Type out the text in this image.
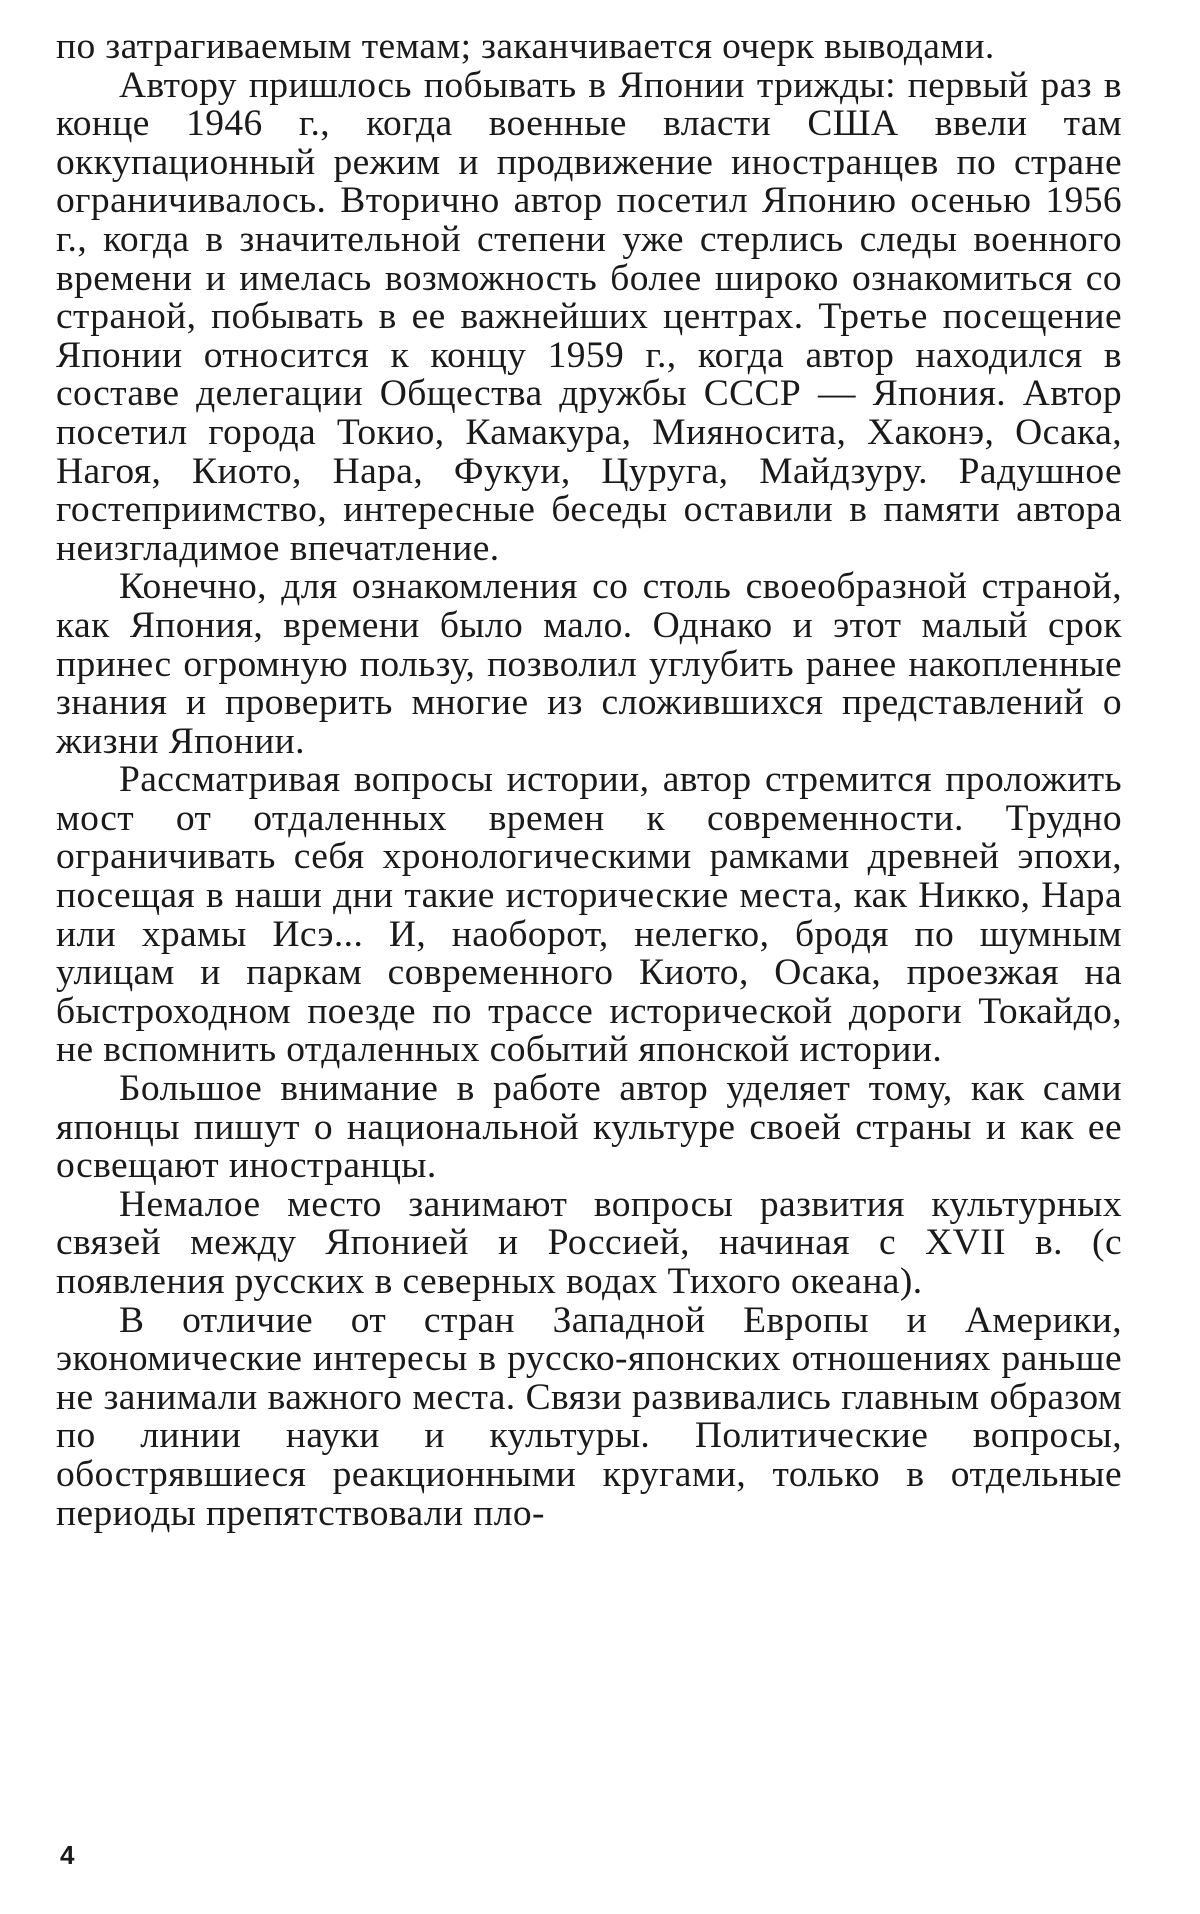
по затрагиваемым темам; заканчивается очерк выводами.

Автору пришлось побывать в Японии трижды: первый раз в конце 1946 г., когда военные власти США ввели там оккупационный режим и продвижение иностранцев по стране ограничивалось. Вторично автор посетил Японию осенью 1956 г., когда в значительной степени уже стерлись следы военного времени и имелась возможность более широко ознакомиться со страной, побывать в ее важнейших центрах. Третье посещение Японии относится к концу 1959 г., когда автор находился в составе делегации Общества дружбы СССР — Япония. Автор посетил города Токио, Камакура, Мияносита, Хаконэ, Осака, Нагоя, Киото, Нара, Фукуи, Цуруга, Майдзуру. Радушное гостеприимство, интересные беседы оставили в памяти автора неизгладимое впечатление.

Конечно, для ознакомления со столь своеобразной страной, как Япония, времени было мало. Однако и этот малый срок принес огромную пользу, позволил углубить ранее накопленные знания и проверить многие из сложившихся представлений о жизни Японии.

Рассматривая вопросы истории, автор стремится проложить мост от отдаленных времен к современности. Трудно ограничивать себя хронологическими рамками древней эпохи, посещая в наши дни такие исторические места, как Никко, Нара или храмы Исэ... И, наоборот, нелегко, бродя по шумным улицам и паркам современного Киото, Осака, проезжая на быстроходном поезде по трассе исторической дороги Токайдо, не вспомнить отдаленных событий японской истории.

Большое внимание в работе автор уделяет тому, как сами японцы пишут о национальной культуре своей страны и как ее освещают иностранцы.

Немалое место занимают вопросы развития культурных связей между Японией и Россией, начиная с XVII в. (с появления русских в северных водах Тихого океана).

В отличие от стран Западной Европы и Америки, экономические интересы в русско-японских отношениях раньше не занимали важного места. Связи развивались главным образом по линии науки и культуры. Политические вопросы, обострявшиеся реакционными кругами, только в отдельные периоды препятствовали пло-

4
